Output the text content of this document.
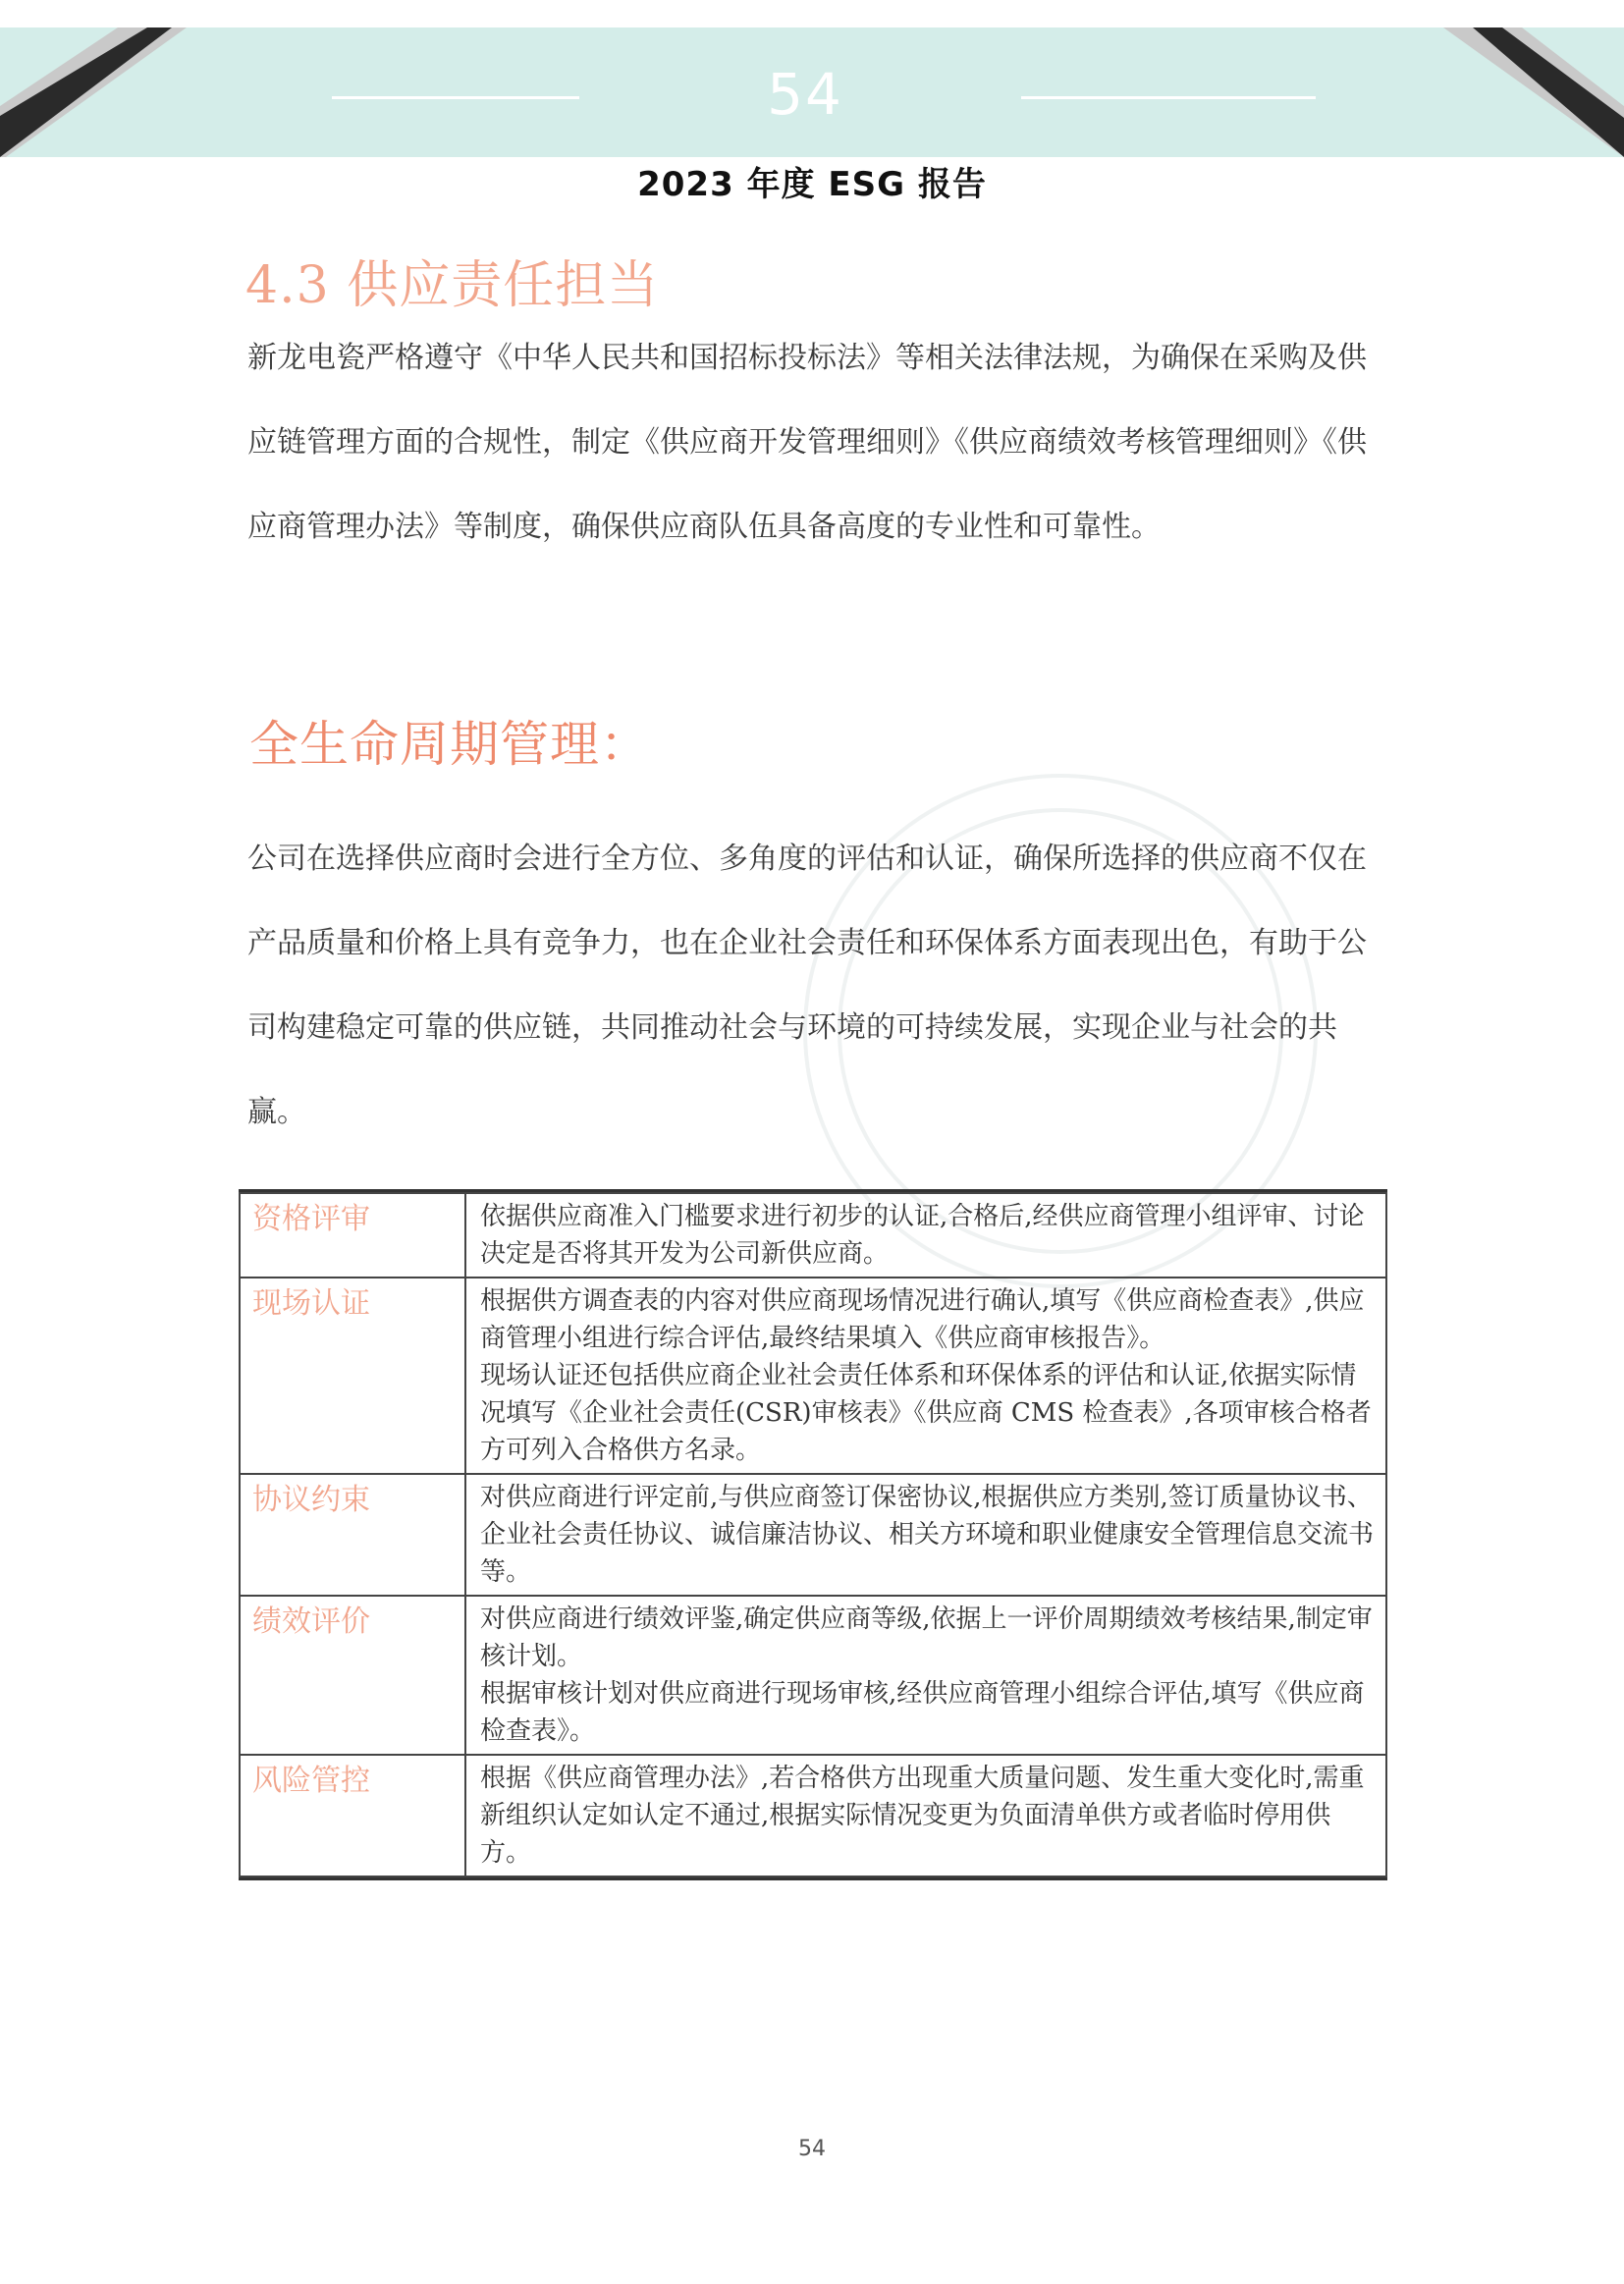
54
2023 年度 ESG 报告
4.3 供应责任担当

新龙电瓷严格遵守《中华人民共和国招标投标法》等相关法律法规，为确保在采购及供应链管理方面的合规性，制定《供应商开发管理细则》《供应商绩效考核管理细则》《供应商管理办法》等制度，确保供应商队伍具备高度的专业性和可靠性。

全生命周期管理：

公司在选择供应商时会进行全方位、多角度的评估和认证，确保所选择的供应商不仅在产品质量和价格上具有竞争力，也在企业社会责任和环保体系方面表现出色，有助于公司构建稳定可靠的供应链，共同推动社会与环境的可持续发展，实现企业与社会的共赢。

资格评审	依据供应商准入门槛要求进行初步的认证,合格后,经供应商管理小组评审、讨论决定是否将其开发为公司新供应商。

现场认证	根据供方调查表的内容对供应商现场情况进行确认,填写《供应商检查表》,供应商管理小组进行综合评估,最终结果填入《供应商审核报告》。
现场认证还包括供应商企业社会责任体系和环保体系的评估和认证,依据实际情况填写《企业社会责任(CSR)审核表》《供应商 CMS 检查表》,各项审核合格者方可列入合格供方名录。

协议约束	对供应商进行评定前,与供应商签订保密协议,根据供应方类别,签订质量协议书、企业社会责任协议、诚信廉洁协议、相关方环境和职业健康安全管理信息交流书等。

绩效评价	对供应商进行绩效评鉴,确定供应商等级,依据上一评价周期绩效考核结果,制定审核计划。
根据审核计划对供应商进行现场审核,经供应商管理小组综合评估,填写《供应商检查表》。

风险管控	根据《供应商管理办法》,若合格供方出现重大质量问题、发生重大变化时,需重新组织认定如认定不通过,根据实际情况变更为负面清单供方或者临时停用供方。
54
